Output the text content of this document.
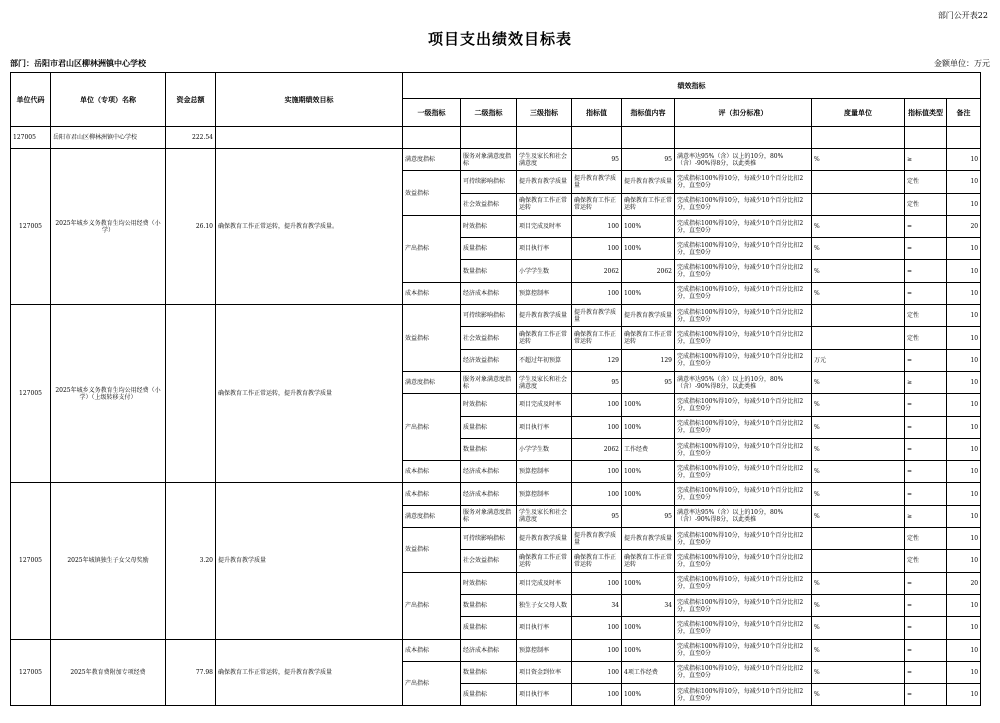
部门公开表22
项目支出绩效目标表
部门：岳阳市君山区柳林洲镇中心学校	金额单位：万元
单位代码	单位（专项）名称	资金总额	实施期绩效目标	绩效指标								
				一级指标	二级指标	三级指标	指标值	指标值内容	评（扣分标准）	度量单位	指标值类型	备注
127005	岳阳市君山区柳林洲镇中心学校	222.54										
127005	2025年城乡义务教育生均公用经费（小学）	26.10	确保教育工作正常运转，提升教育教学质量。	满意度指标	服务对象满意度指标	学生及家长和社会满意度	95	95	满意率达95%（含）以上的10分，80%（含）-90%得8分，以此类推	%	≥	10
				效益指标	可持续影响指标	提升教育教学质量	提升教育教学质量	提升教育教学质量	完成指标100%得10分，每减少10个百分比扣2分，直至0分		定性	10
					社会效益指标	确保教育工作正常运转	确保教育工作正常运转	确保教育工作正常运转	完成指标100%得10分，每减少10个百分比扣2分，直至0分		定性	10
				产出指标	时效指标	项目完成及时率	100	100%	完成指标100%得10分，每减少10个百分比扣2分，直至0分	%	=	20
					质量指标	项目执行率	100	100%	完成指标100%得10分，每减少10个百分比扣2分，直至0分	%	=	10
					数量指标	小学学生数	2062	2062	完成指标100%得10分，每减少10个百分比扣2分，直至0分	%	=	10
				成本指标	经济成本指标	预算控制率	100	100%	完成指标100%得10分，每减少10个百分比扣2分，直至0分	%	=	10
127005	2025年城乡义务教育生均公用经费（小学）（上级转移支付）		确保教育工作正常运转，提升教育教学质量	效益指标	可持续影响指标	提升教育教学质量	提升教育教学质量	提升教育教学质量	完成指标100%得10分，每减少10个百分比扣2分，直至0分		定性	10
					社会效益指标	确保教育工作正常运转	确保教育工作正常运转	确保教育工作正常运转	完成指标100%得10分，每减少10个百分比扣2分，直至0分		定性	10
					经济效益指标	不超过年初预算	129	129	完成指标100%得10分，每减少10个百分比扣2分，直至0分	万元	=	10
				满意度指标	服务对象满意度指标	学生及家长和社会满意度	95	95	满意率达95%（含）以上的10分，80%（含）-90%得8分，以此类推	%	≥	10
				产出指标	时效指标	项目完成及时率	100	100%	完成指标100%得10分，每减少10个百分比扣2分，直至0分	%	=	10
					质量指标	项目执行率	100	100%	完成指标100%得10分，每减少10个百分比扣2分，直至0分	%	=	10
					数量指标	小学学生数	2062	工作经费	完成指标100%得10分，每减少10个百分比扣2分，直至0分	%	=	10
				成本指标	经济成本指标	预算控制率	100	100%	完成指标100%得10分，每减少10个百分比扣2分，直至0分	%	=	10
127005	2025年城镇独生子女父母奖励	3.20	提升教育教学质量	成本指标	经济成本指标	预算控制率	100	100%	完成指标100%得10分，每减少10个百分比扣2分，直至0分	%	=	10
				满意度指标	服务对象满意度指标	学生及家长和社会满意度	95	95	满意率达95%（含）以上的10分，80%（含）-90%得8分，以此类推	%	≥	10
				效益指标	可持续影响指标	提升教育教学质量	提升教育教学质量	提升教育教学质量	完成指标100%得10分，每减少10个百分比扣2分，直至0分		定性	10
					社会效益指标	确保教育工作正常运转	确保教育工作正常运转	确保教育工作正常运转	完成指标100%得10分，每减少10个百分比扣2分，直至0分		定性	10
				产出指标	时效指标	项目完成及时率	100	100%	完成指标100%得10分，每减少10个百分比扣2分，直至0分	%	=	20
					数量指标	独生子女父母人数	34	34	完成指标100%得10分，每减少10个百分比扣2分，直至0分	%	=	10
					质量指标	项目执行率	100	100%	完成指标100%得10分，每减少10个百分比扣2分，直至0分	%	=	10
127005	2025年教育费附加专项经费	77.98	确保教育工作正常运转，提升教育教学质量	成本指标	经济成本指标	预算控制率	100	100%	完成指标100%得10分，每减少10个百分比扣2分，直至0分	%	=	10
				产出指标	数量指标	项目资金到位率	100	4项工作经费	完成指标100%得10分，每减少10个百分比扣2分，直至0分	%	=	10
					质量指标	项目执行率	100	100%	完成指标100%得10分，每减少10个百分比扣2分，直至0分	%	=	10
